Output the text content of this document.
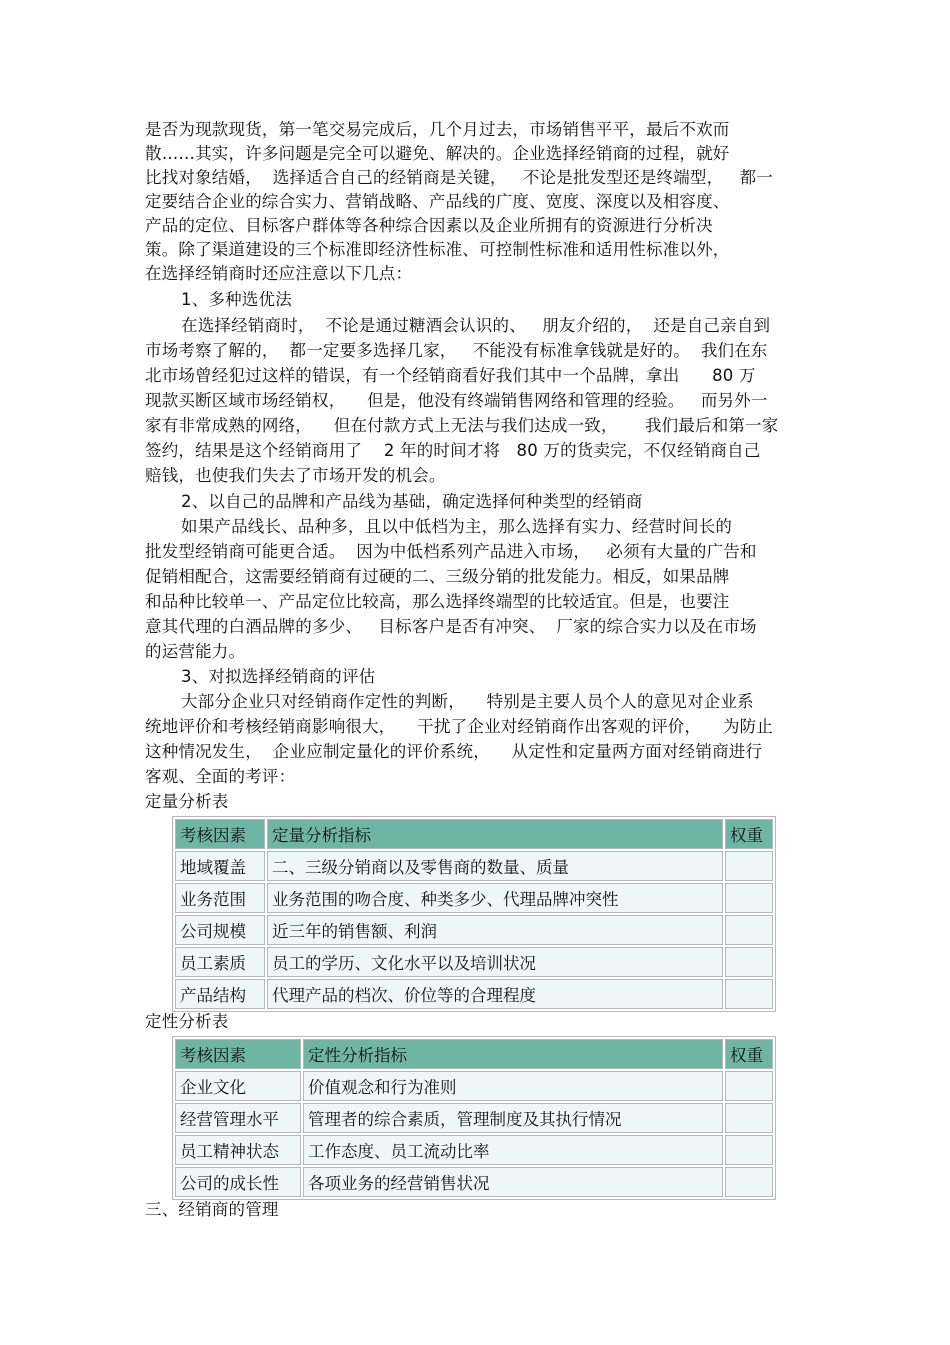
是否为现款现货，第一笔交易完成后，几个月过去，市场销售平平，最后不欢而
散……其实，许多问题是完全可以避免、解决的。企业选择经销商的过程，就好
比找对象结婚，  选择适合自己的经销商是关键，   不论是批发型还是终端型，   都一
定要结合企业的综合实力、营销战略、产品线的广度、宽度、深度以及相容度、
产品的定位、目标客户群体等各种综合因素以及企业所拥有的资源进行分析决
策。除了渠道建设的三个标准即经济性标准、可控制性标准和适用性标准以外，
在选择经销商时还应注意以下几点：
1、多种选优法
在选择经销商时，  不论是通过糖酒会认识的、   朋友介绍的，  还是自己亲自到
市场考察了解的，  都一定要多选择几家，   不能没有标准拿钱就是好的。  我们在东
北市场曾经犯过这样的错误，有一个经销商看好我们其中一个品牌，拿出      80 万
现款买断区域市场经销权，    但是，他没有终端销售网络和管理的经验。   而另外一
家有非常成熟的网络，    但在付款方式上无法与我们达成一致，     我们最后和第一家
签约，结果是这个经销商用了    2 年的时间才将   80 万的货卖完，不仅经销商自己
赔钱，也使我们失去了市场开发的机会。
2、以自己的品牌和产品线为基础，确定选择何种类型的经销商
如果产品线长、品种多，且以中低档为主，那么选择有实力、经营时间长的
批发型经销商可能更合适。  因为中低档系列产品进入市场，   必须有大量的广告和
促销相配合，这需要经销商有过硬的二、三级分销的批发能力。相反，如果品牌
和品种比较单一、产品定位比较高，那么选择终端型的比较适宜。但是，也要注
意其代理的白酒品牌的多少、   目标客户是否有冲突、  厂家的综合实力以及在市场
的运营能力。
3、对拟选择经销商的评估
大部分企业只对经销商作定性的判断，    特别是主要人员个人的意见对企业系
统地评价和考核经销商影响很大，    干扰了企业对经销商作出客观的评价，    为防止
这种情况发生，  企业应制定量化的评价系统，    从定性和定量两方面对经销商进行
客观、全面的考评：
定量分析表
考核因素	定量分析指标	权重
地域覆盖	二、三级分销商以及零售商的数量、质量	
业务范围	业务范围的吻合度、种类多少、代理品牌冲突性	
公司规模	近三年的销售额、利润	
员工素质	员工的学历、文化水平以及培训状况	
产品结构	代理产品的档次、价位等的合理程度	
定性分析表
考核因素	定性分析指标	权重
企业文化	价值观念和行为准则	
经营管理水平	管理者的综合素质，管理制度及其执行情况	
员工精神状态	工作态度、员工流动比率	
公司的成长性	各项业务的经营销售状况	
三、经销商的管理
